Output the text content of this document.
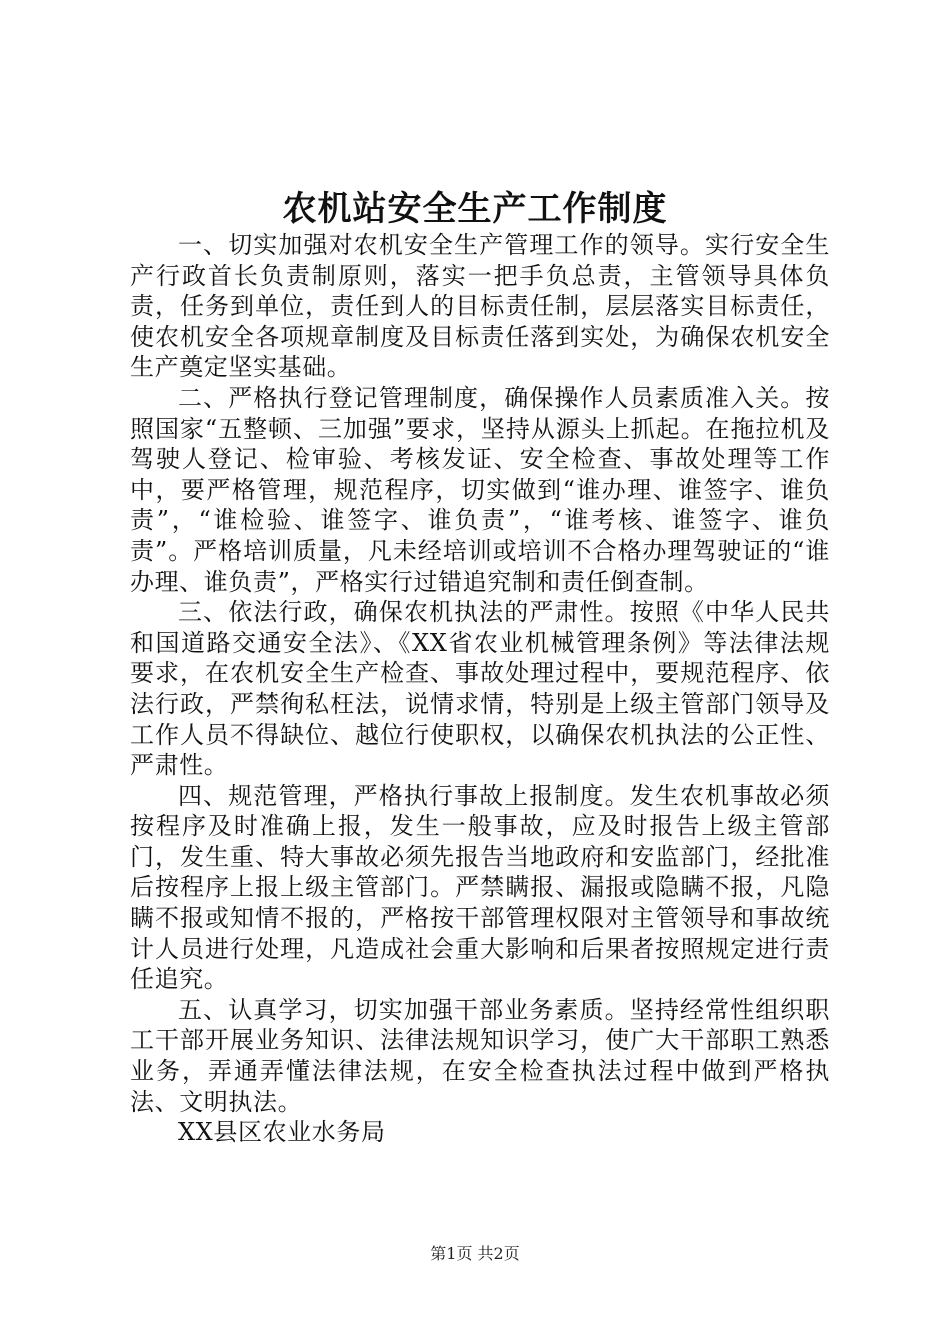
农机站安全生产工作制度

一、切实加强对农机安全生产管理工作的领导。实行安全生产行政首长负责制原则，落实一把手负总责，主管领导具体负责，任务到单位，责任到人的目标责任制，层层落实目标责任，使农机安全各项规章制度及目标责任落到实处，为确保农机安全生产奠定坚实基础。

二、严格执行登记管理制度，确保操作人员素质准入关。按照国家“五整顿、三加强”要求，坚持从源头上抓起。在拖拉机及驾驶人登记、检审验、考核发证、安全检查、事故处理等工作中，要严格管理，规范程序，切实做到“谁办理、谁签字、谁负责”，“谁检验、谁签字、谁负责”，“谁考核、谁签字、谁负责”。严格培训质量，凡未经培训或培训不合格办理驾驶证的“谁办理、谁负责”，严格实行过错追究制和责任倒查制。

三、依法行政，确保农机执法的严肃性。按照《中华人民共和国道路交通安全法》、《XX省农业机械管理条例》等法律法规要求，在农机安全生产检查、事故处理过程中，要规范程序、依法行政，严禁徇私枉法，说情求情，特别是上级主管部门领导及工作人员不得缺位、越位行使职权，以确保农机执法的公正性、严肃性。

四、规范管理，严格执行事故上报制度。发生农机事故必须按程序及时准确上报，发生一般事故，应及时报告上级主管部门，发生重、特大事故必须先报告当地政府和安监部门，经批准后按程序上报上级主管部门。严禁瞒报、漏报或隐瞒不报，凡隐瞒不报或知情不报的，严格按干部管理权限对主管领导和事故统计人员进行处理，凡造成社会重大影响和后果者按照规定进行责任追究。

五、认真学习，切实加强干部业务素质。坚持经常性组织职工干部开展业务知识、法律法规知识学习，使广大干部职工熟悉业务，弄通弄懂法律法规，在安全检查执法过程中做到严格执法、文明执法。

XX县区农业水务局

第1页 共2页
